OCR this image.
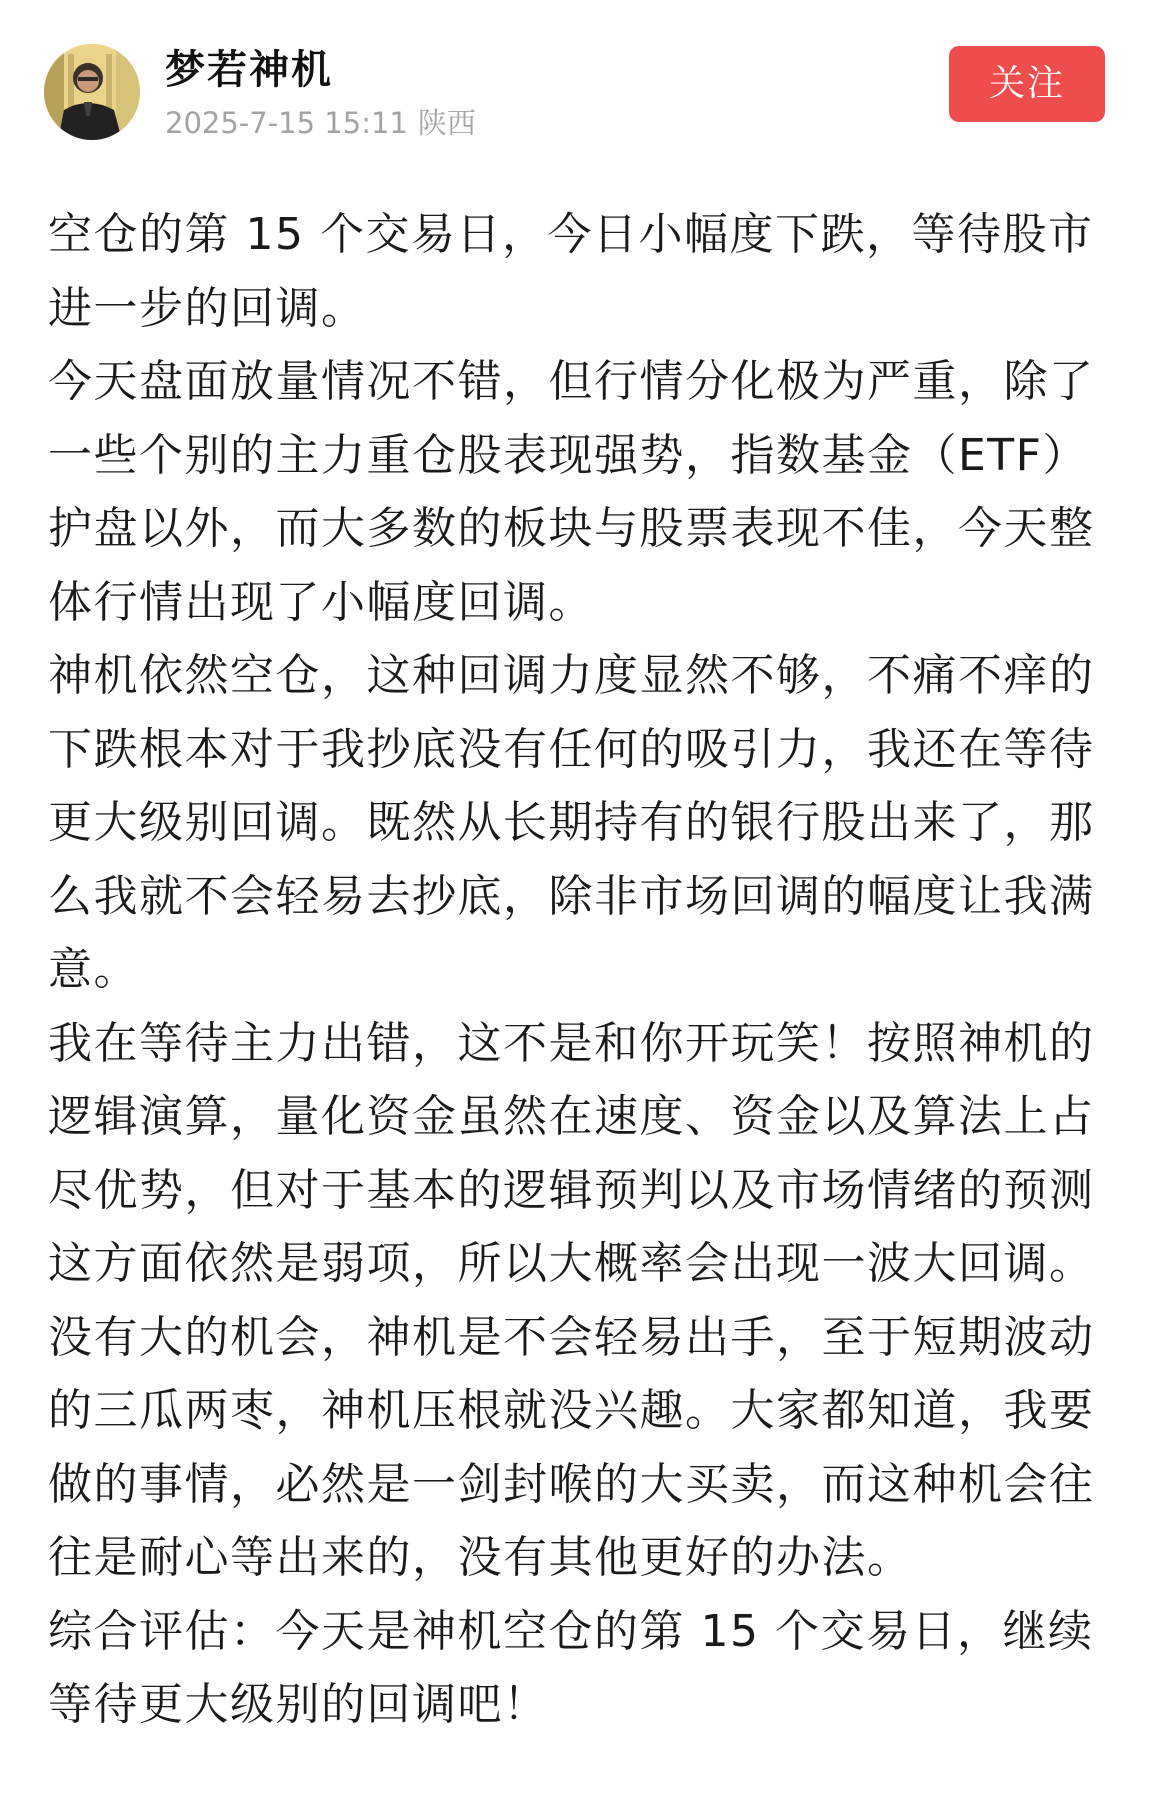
梦若神机
2025-7-15 15:11 陕西
关注

空仓的第 15 个交易日，今日小幅度下跌，等待股市进一步的回调。

今天盘面放量情况不错，但行情分化极为严重，除了一些个别的主力重仓股表现强势，指数基金（ETF）护盘以外，而大多数的板块与股票表现不佳，今天整体行情出现了小幅度回调。

神机依然空仓，这种回调力度显然不够，不痛不痒的下跌根本对于我抄底没有任何的吸引力，我还在等待更大级别回调。既然从长期持有的银行股出来了，那么我就不会轻易去抄底，除非市场回调的幅度让我满意。

我在等待主力出错，这不是和你开玩笑！按照神机的逻辑演算，量化资金虽然在速度、资金以及算法上占尽优势，但对于基本的逻辑预判以及市场情绪的预测这方面依然是弱项，所以大概率会出现一波大回调。

没有大的机会，神机是不会轻易出手，至于短期波动的三瓜两枣，神机压根就没兴趣。大家都知道，我要做的事情，必然是一剑封喉的大买卖，而这种机会往往是耐心等出来的，没有其他更好的办法。

综合评估：今天是神机空仓的第 15 个交易日，继续等待更大级别的回调吧！
